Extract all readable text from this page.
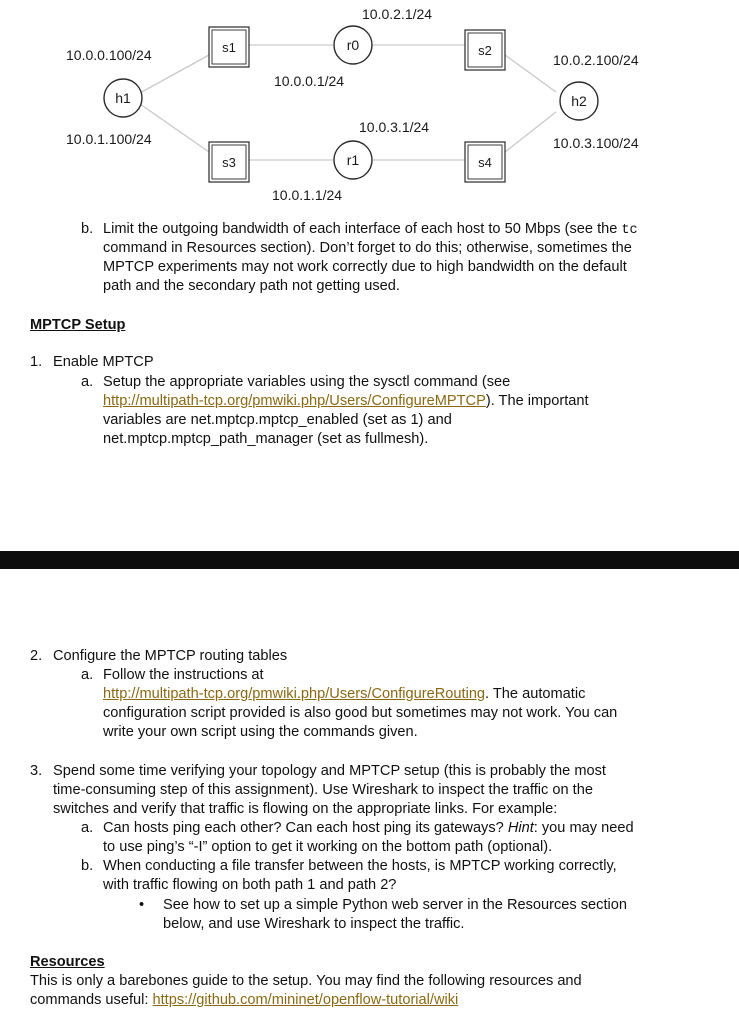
h1	h2
s1	s2
s3	s4
r0
r1
10.0.2.1/24
10.0.0.100/24
10.0.0.1/24
10.0.2.100/24
10.0.3.1/24
10.0.1.100/24	10.0.3.100/24
10.0.1.1/24
b. Limit the outgoing bandwidth of each interface of each host to 50 Mbps (see the tc
command in Resources section). Don’t forget to do this; otherwise, sometimes the
MPTCP experiments may not work correctly due to high bandwidth on the default
path and the secondary path not getting used.
MPTCP Setup
1. Enable MPTCP
a. Setup the appropriate variables using the sysctl command (see
http://multipath-tcp.org/pmwiki.php/Users/ConfigureMPTCP). The important
variables are net.mptcp.mptcp_enabled (set as 1) and
net.mptcp.mptcp_path_manager (set as fullmesh).
2. Configure the MPTCP routing tables
a. Follow the instructions at
http://multipath-tcp.org/pmwiki.php/Users/ConfigureRouting. The automatic
configuration script provided is also good but sometimes may not work. You can
write your own script using the commands given.
3. Spend some time verifying your topology and MPTCP setup (this is probably the most
time-consuming step of this assignment). Use Wireshark to inspect the traffic on the
switches and verify that traffic is flowing on the appropriate links. For example:
a. Can hosts ping each other? Can each host ping its gateways? Hint: you may need
to use ping’s “-I” option to get it working on the bottom path (optional).
b. When conducting a file transfer between the hosts, is MPTCP working correctly,
with traffic flowing on both path 1 and path 2?
• See how to set up a simple Python web server in the Resources section
below, and use Wireshark to inspect the traffic.
Resources
This is only a barebones guide to the setup. You may find the following resources and
commands useful: https://github.com/mininet/openflow-tutorial/wiki
